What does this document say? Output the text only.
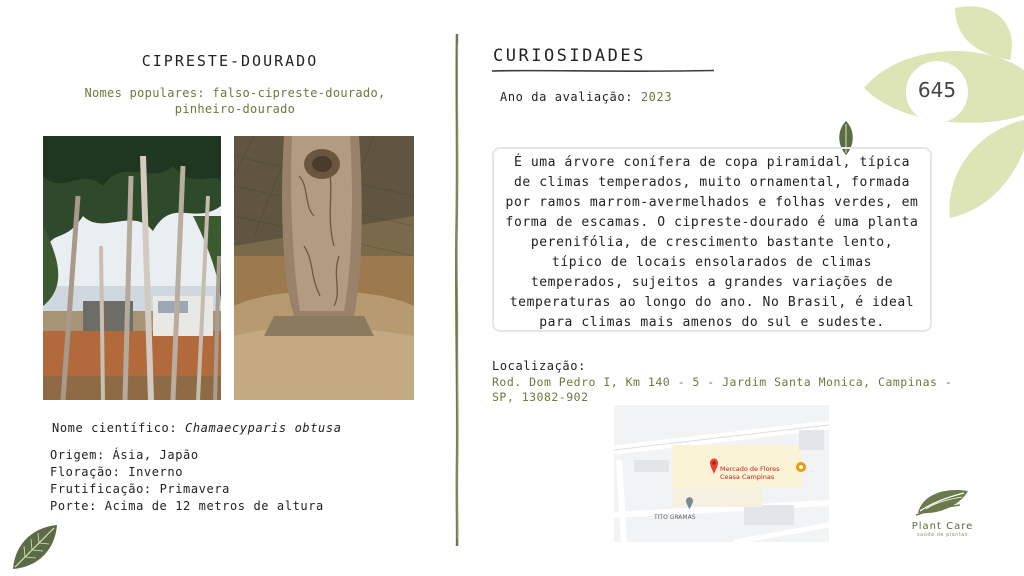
645
CIPRESTE-DOURADO
Nomes populares: falso-cipreste-dourado, pinheiro-dourado
Nome científico: Chamaecyparis obtusa
Origem: Ásia, Japão
Floração: Inverno
Frutificação: Primavera
Porte: Acima de 12 metros de altura
CURIOSIDADES
Ano da avaliação: 2023

É uma árvore conífera de copa piramidal, típica de climas temperados, muito ornamental, formada por ramos marrom-avermelhados e folhas verdes, em forma de escamas. O cipreste-dourado é uma planta perenifólia, de crescimento bastante lento, típico de locais ensolarados de climas temperados, sujeitos a grandes variações de temperaturas ao longo do ano. No Brasil, é ideal para climas mais amenos do sul e sudeste.

Localização:
Rod. Dom Pedro I, Km 140 - 5 - Jardim Santa Monica, Campinas - SP, 13082-902
Mercado de Flores
Ceasa Campinas
TITO GRAMAS
Plant Care
saúde de plantas
